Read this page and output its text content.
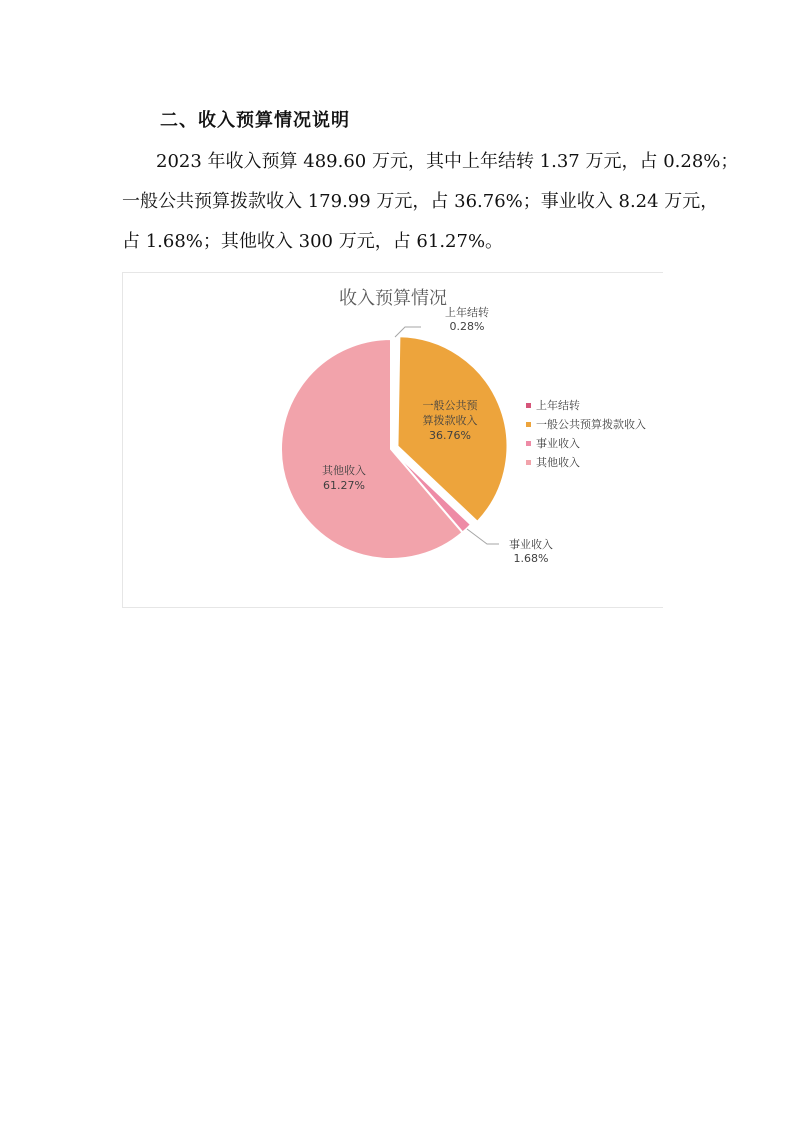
二、收入预算情况说明
2023 年收入预算 489.60 万元，其中上年结转 1.37 万元，占 0.28%；
一般公共预算拨款收入 179.99 万元，占 36.76%；事业收入 8.24 万元，
占 1.68%；其他收入 300 万元，占 61.27%。
收入预算情况
上年结转
0.28%
一般公共预
算拨款收入
36.76%
事业收入
1.68%
其他收入
61.27%
上年结转
一般公共预算拨款收入
事业收入
其他收入
